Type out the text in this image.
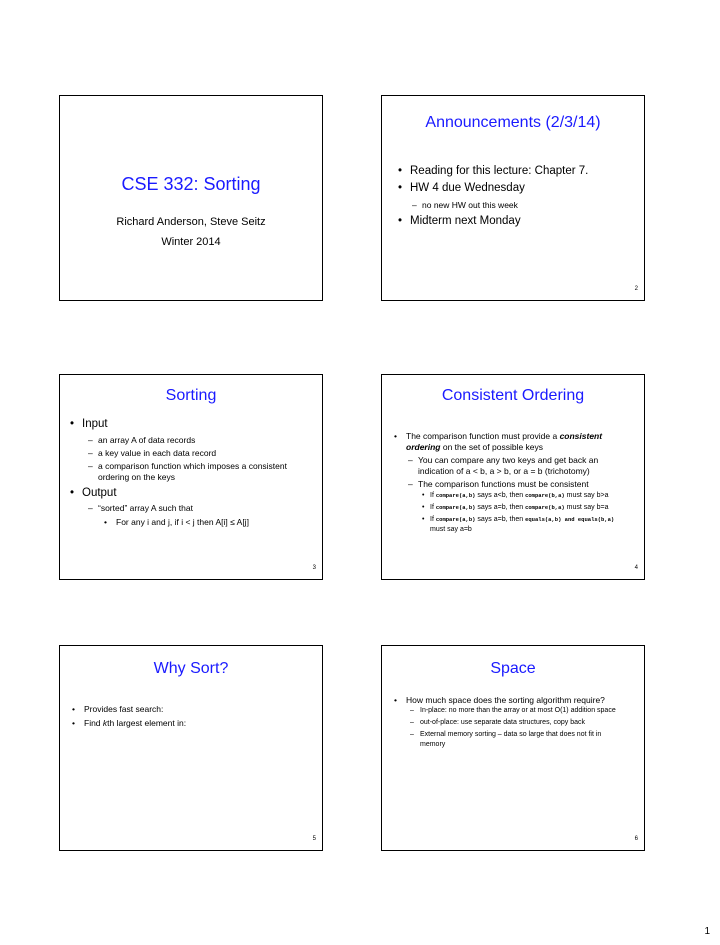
CSE 332: Sorting
Richard Anderson, Steve Seitz
Winter 2014
Announcements (2/3/14)
• Reading for this lecture: Chapter 7.
• HW 4 due Wednesday
– no new HW out this week
• Midterm next Monday
2
Sorting
• Input
– an array A of data records
– a key value in each data record
– a comparison function which imposes a consistent
ordering on the keys
• Output
– “sorted” array A such that
• For any i and j, if i < j then A[i] ≤ A[j]
3
Consistent Ordering
• The comparison function must provide a consistent
ordering on the set of possible keys
– You can compare any two keys and get back an
indication of a < b, a > b, or a = b (trichotomy)
– The comparison functions must be consistent
• If compare(a,b) says a<b, then compare(b,a) must say b>a
• If compare(a,b) says a=b, then compare(b,a) must say b=a
• If compare(a,b) says a=b, then equals(a,b) and equals(b,a)
must say a=b
4
Why Sort?
• Provides fast search:
• Find kth largest element in:
5
Space
• How much space does the sorting algorithm require?
– In-place: no more than the array or at most O(1) addition space
– out-of-place: use separate data structures, copy back
– External memory sorting – data so large that does not fit in
memory
6
1
